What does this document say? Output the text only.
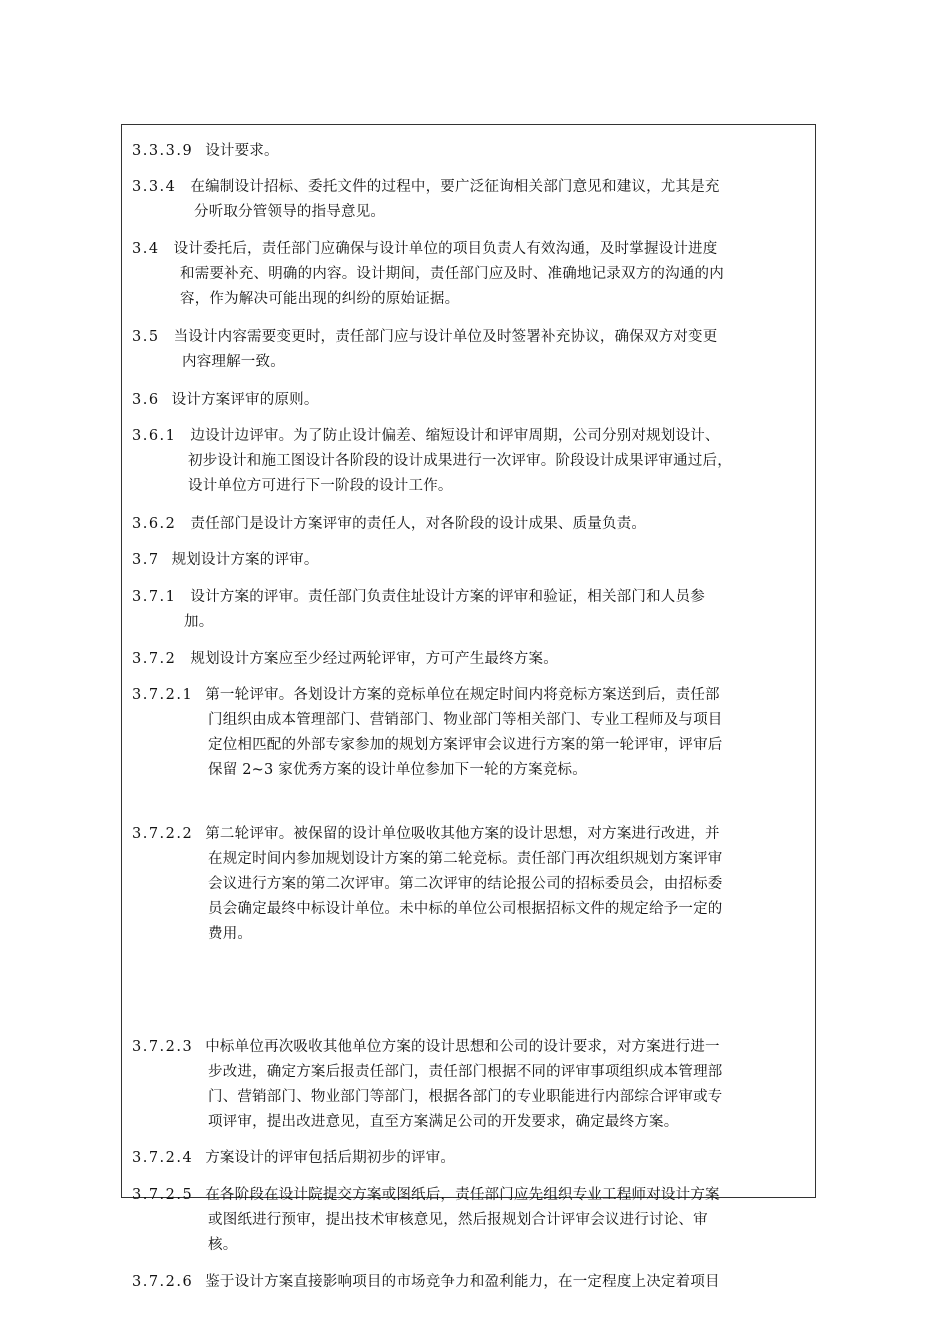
3.3.3.9 设计要求。
3.3.4 在编制设计招标、委托文件的过程中，要广泛征询相关部门意见和建议，尤其是充
分听取分管领导的指导意见。
3.4 设计委托后，责任部门应确保与设计单位的项目负责人有效沟通，及时掌握设计进度
和需要补充、明确的内容。设计期间，责任部门应及时、准确地记录双方的沟通的内
容，作为解决可能出现的纠纷的原始证据。
3.5 当设计内容需要变更时，责任部门应与设计单位及时签署补充协议，确保双方对变更
内容理解一致。
3.6 设计方案评审的原则。
3.6.1 边设计边评审。为了防止设计偏差、缩短设计和评审周期，公司分别对规划设计、
初步设计和施工图设计各阶段的设计成果进行一次评审。阶段设计成果评审通过后，
设计单位方可进行下一阶段的设计工作。
3.6.2 责任部门是设计方案评审的责任人，对各阶段的设计成果、质量负责。
3.7 规划设计方案的评审。
3.7.1 设计方案的评审。责任部门负责住址设计方案的评审和验证，相关部门和人员参
加。
3.7.2 规划设计方案应至少经过两轮评审，方可产生最终方案。
3.7.2.1 第一轮评审。各划设计方案的竞标单位在规定时间内将竞标方案送到后，责任部
门组织由成本管理部门、营销部门、物业部门等相关部门、专业工程师及与项目
定位相匹配的外部专家参加的规划方案评审会议进行方案的第一轮评审，评审后
保留 2~3 家优秀方案的设计单位参加下一轮的方案竞标。
3.7.2.2 第二轮评审。被保留的设计单位吸收其他方案的设计思想，对方案进行改进，并
在规定时间内参加规划设计方案的第二轮竞标。责任部门再次组织规划方案评审
会议进行方案的第二次评审。第二次评审的结论报公司的招标委员会，由招标委
员会确定最终中标设计单位。未中标的单位公司根据招标文件的规定给予一定的
费用。
3.7.2.3 中标单位再次吸收其他单位方案的设计思想和公司的设计要求，对方案进行进一
步改进，确定方案后报责任部门，责任部门根据不同的评审事项组织成本管理部
门、营销部门、物业部门等部门，根据各部门的专业职能进行内部综合评审或专
项评审，提出改进意见，直至方案满足公司的开发要求，确定最终方案。
3.7.2.4 方案设计的评审包括后期初步的评审。
3.7.2.5 在各阶段在设计院提交方案或图纸后，责任部门应先组织专业工程师对设计方案
或图纸进行预审，提出技术审核意见，然后报规划合计评审会议进行讨论、审
核。
3.7.2.6 鉴于设计方案直接影响项目的市场竞争力和盈利能力，在一定程度上决定着项目
